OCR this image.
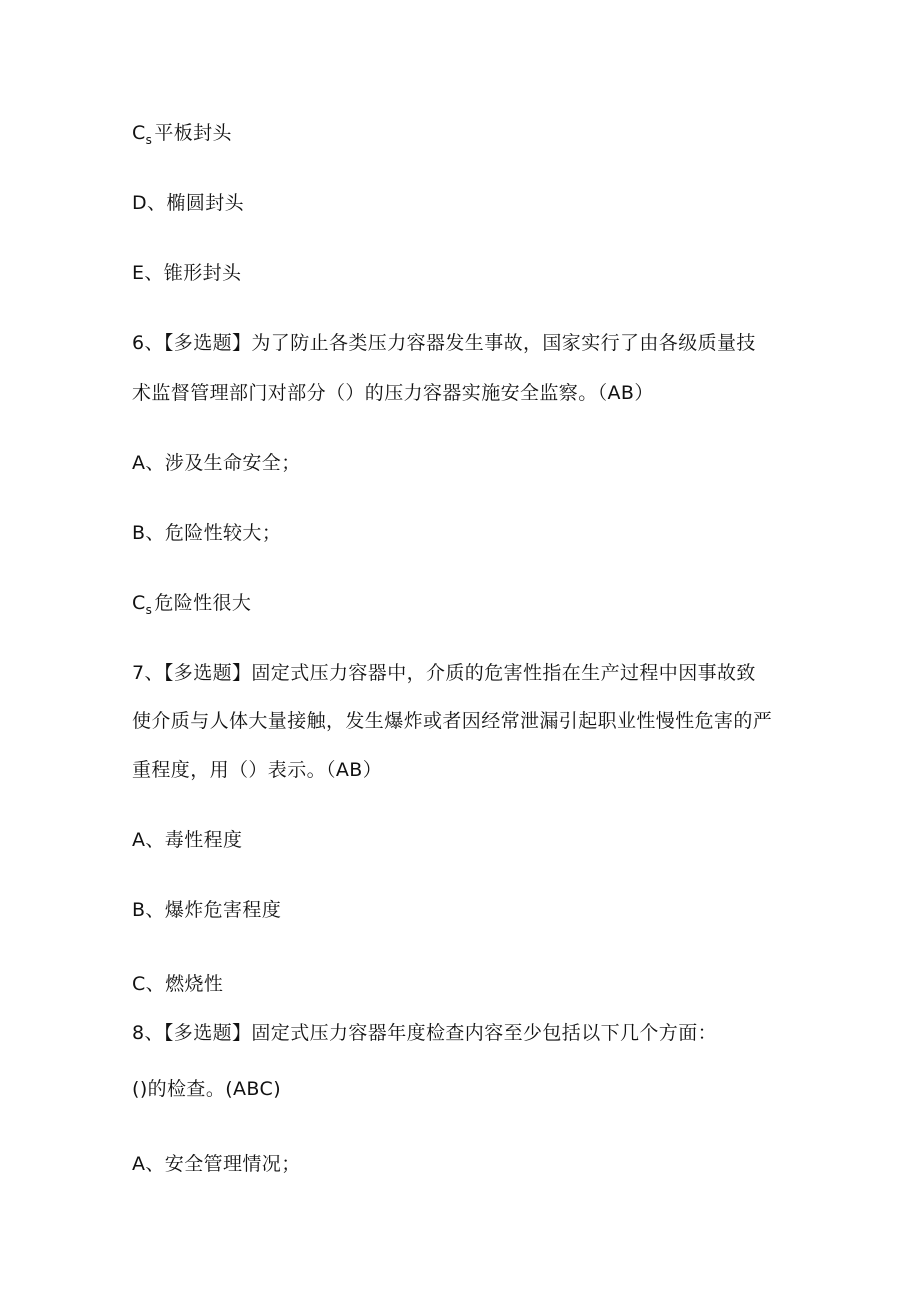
$C_s$ 平板封头
D、椭圆封头
E、锥形封头
6、【多选题】为了防止各类压力容器发生事故，国家实行了由各级质量技
术监督管理部门对部分（）的压力容器实施安全监察。（AB）
A、涉及生命安全；
B、危险性较大；
$C_s$ 危险性很大
7、【多选题】固定式压力容器中，介质的危害性指在生产过程中因事故致
使介质与人体大量接触，发生爆炸或者因经常泄漏引起职业性慢性危害的严
重程度，用（）表示。（AB）
A、毒性程度
B、爆炸危害程度
C、燃烧性
8、【多选题】固定式压力容器年度检查内容至少包括以下几个方面：
()的检查。(ABC)
A、安全管理情况；
